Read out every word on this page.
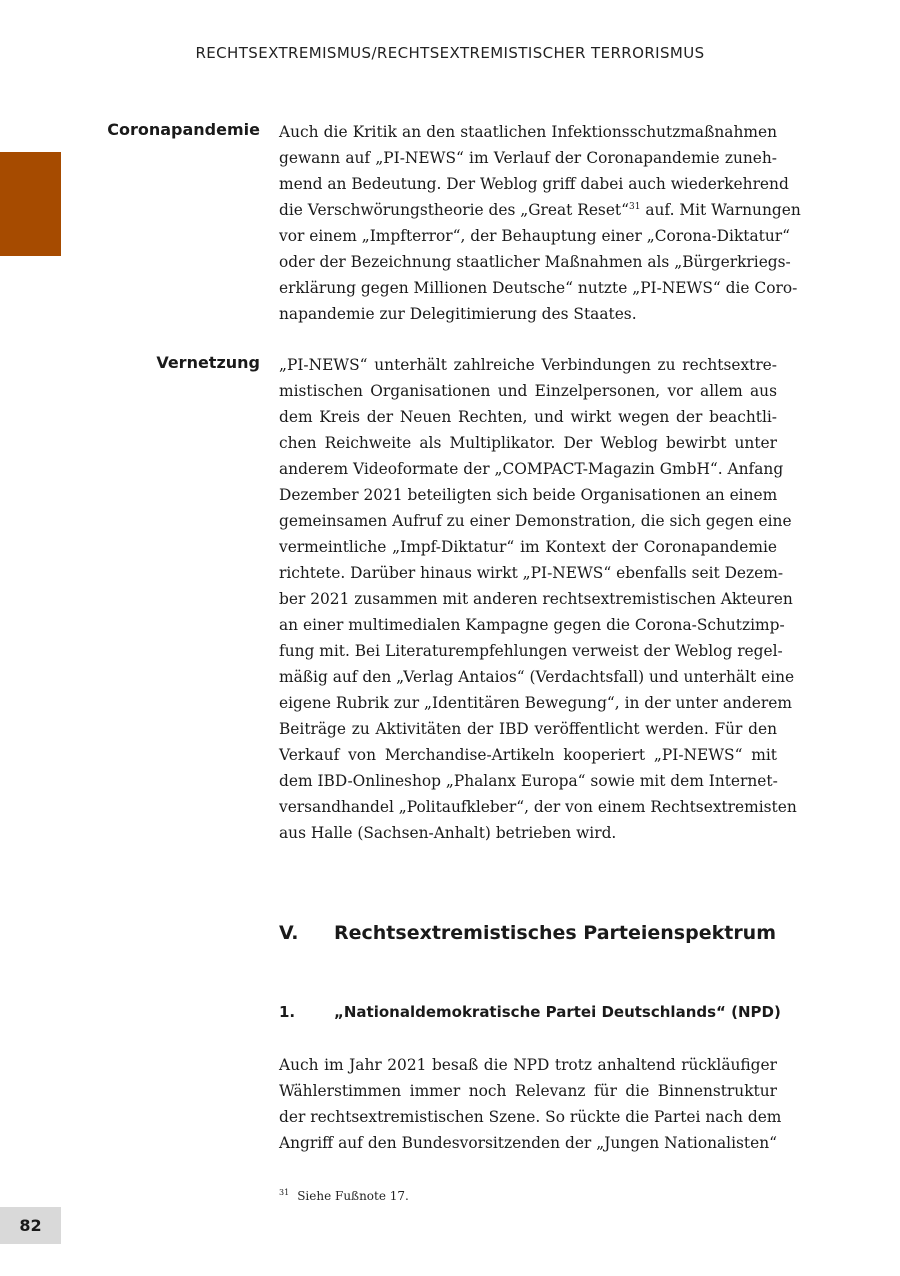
RECHTSEXTREMISMUS/RECHTSEXTREMISTISCHER TERRORISMUS
Coronapandemie Auch die Kritik an den staatlichen Infektionsschutzmaßnahmen
gewann auf „PI-NEWS“ im Verlauf der Coronapandemie zuneh-
mend an Bedeutung. Der Weblog griff dabei auch wiederkehrend
die Verschwörungstheorie des „Great Reset“$^{31}$ auf. Mit Warnungen
vor einem „Impfterror“, der Behauptung einer „Corona-Diktatur“
oder der Bezeichnung staatlicher Maßnahmen als „Bürgerkriegs-
erklärung gegen Millionen Deutsche“ nutzte „PI-NEWS“ die Coro-
napandemie zur Delegitimierung des Staates.
Vernetzung „PI-NEWS“ unterhält zahlreiche Verbindungen zu rechtsextre-
mistischen Organisationen und Einzelpersonen, vor allem aus
dem Kreis der Neuen Rechten, und wirkt wegen der beachtli-
chen Reichweite als Multiplikator. Der Weblog bewirbt unter
anderem Videoformate der „COMPACT-Magazin GmbH“. Anfang
Dezember 2021 beteiligten sich beide Organisationen an einem
gemeinsamen Aufruf zu einer Demonstration, die sich gegen eine
vermeintliche „Impf-Diktatur“ im Kontext der Coronapandemie
richtete. Darüber hinaus wirkt „PI-NEWS“ ebenfalls seit Dezem-
ber 2021 zusammen mit anderen rechtsextremistischen Akteuren
an einer multimedialen Kampagne gegen die Corona-Schutzimp-
fung mit. Bei Literaturempfehlungen verweist der Weblog regel-
mäßig auf den „Verlag Antaios“ (Verdachtsfall) und unterhält eine
eigene Rubrik zur „Identitären Bewegung“, in der unter anderem
Beiträge zu Aktivitäten der IBD veröffentlicht werden. Für den
Verkauf von Merchandise-Artikeln kooperiert „PI-NEWS“ mit
dem IBD-Onlineshop „Phalanx Europa“ sowie mit dem Internet-
versandhandel „Politaufkleber“, der von einem Rechtsextremisten
aus Halle (Sachsen-Anhalt) betrieben wird.
V. Rechtsextremistisches Parteienspektrum
1.	„Nationaldemokratische Partei Deutschlands“ (NPD)
Auch im Jahr 2021 besaß die NPD trotz anhaltend rückläufiger
Wählerstimmen immer noch Relevanz für die Binnenstruktur
der rechtsextremistischen Szene. So rückte die Partei nach dem
Angriff auf den Bundesvorsitzenden der „Jungen Nationalisten“
$^{31}$ Siehe Fußnote 17.
82
